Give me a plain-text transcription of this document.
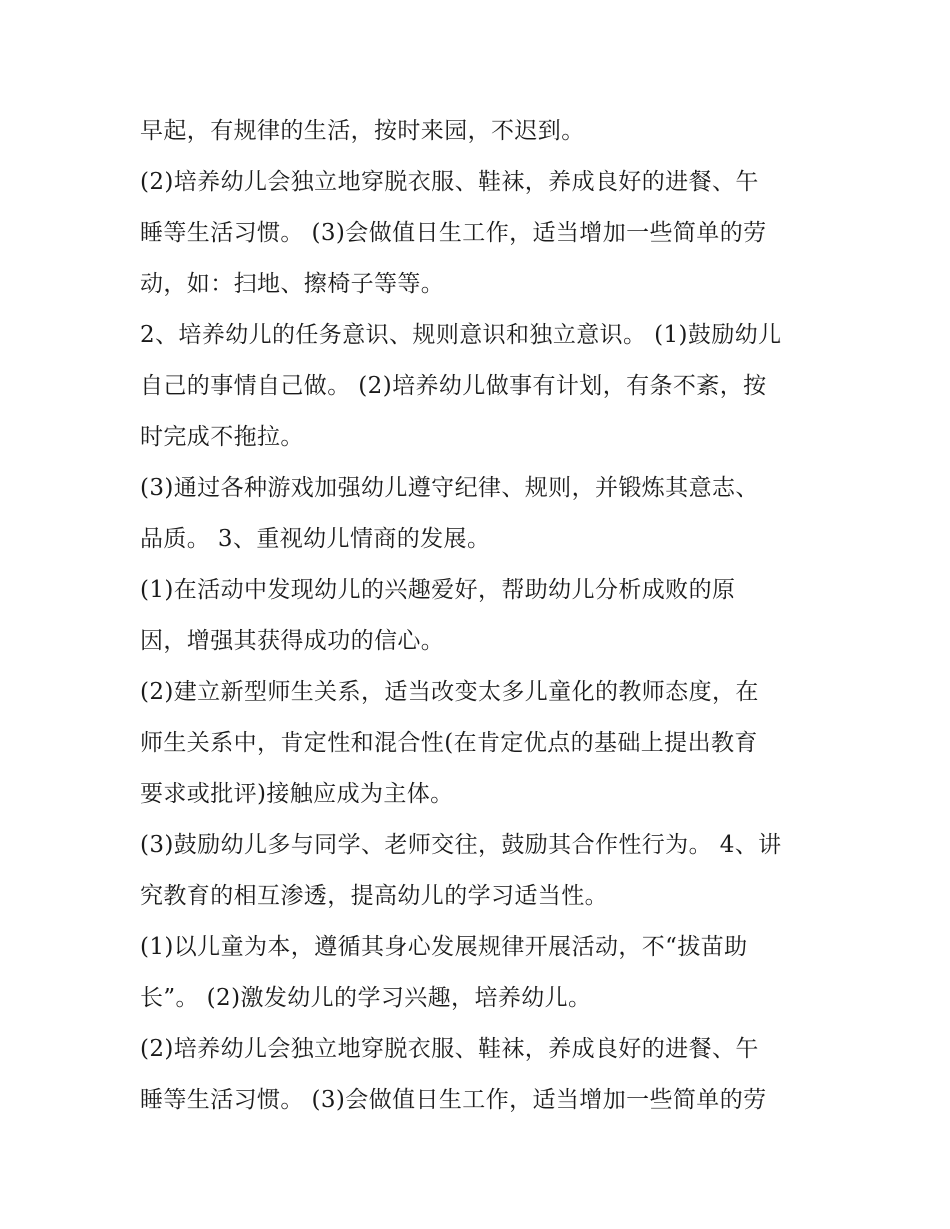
早起，有规律的生活，按时来园，不迟到。
(2)培养幼儿会独立地穿脱衣服、鞋袜，养成良好的进餐、午
睡等生活习惯。 (3)会做值日生工作，适当增加一些简单的劳
动，如：扫地、擦椅子等等。
2、培养幼儿的任务意识、规则意识和独立意识。 (1)鼓励幼儿
自己的事情自己做。 (2)培养幼儿做事有计划，有条不紊，按
时完成不拖拉。
(3)通过各种游戏加强幼儿遵守纪律、规则，并锻炼其意志、
品质。 3、重视幼儿情商的发展。
(1)在活动中发现幼儿的兴趣爱好，帮助幼儿分析成败的原
因，增强其获得成功的信心。
(2)建立新型师生关系，适当改变太多儿童化的教师态度，在
师生关系中，肯定性和混合性(在肯定优点的基础上提出教育
要求或批评)接触应成为主体。
(3)鼓励幼儿多与同学、老师交往，鼓励其合作性行为。 4、讲
究教育的相互渗透，提高幼儿的学习适当性。
(1)以儿童为本，遵循其身心发展规律开展活动，不“拔苗助
长”。 (2)激发幼儿的学习兴趣，培养幼儿。
(2)培养幼儿会独立地穿脱衣服、鞋袜，养成良好的进餐、午
睡等生活习惯。 (3)会做值日生工作，适当增加一些简单的劳
